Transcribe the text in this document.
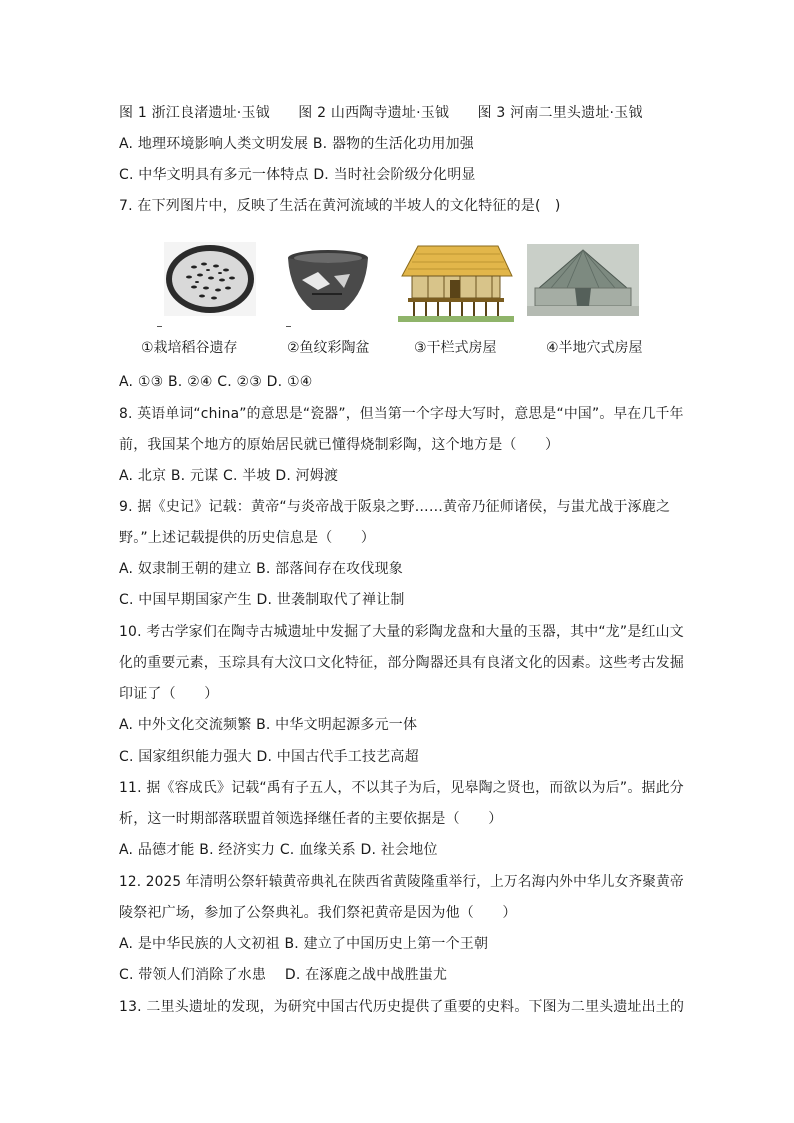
图 1 浙江良渚遗址·玉钺　　图 2 山西陶寺遗址·玉钺　　图 3 河南二里头遗址·玉钺
A. 地理环境影响人类文明发展 B. 器物的生活化功用加强
C. 中华文明具有多元一体特点 D. 当时社会阶级分化明显
7. 在下列图片中，反映了生活在黄河流域的半坡人的文化特征的是(　)
①栽培稻谷遗存	②鱼纹彩陶盆	③干栏式房屋	④半地穴式房屋
A. ①③ B. ②④ C. ②③ D. ①④
8. 英语单词“china”的意思是“瓷器”，但当第一个字母大写时，意思是“中国”。早在几千年
前，我国某个地方的原始居民就已懂得烧制彩陶，这个地方是（　　）
A. 北京 B. 元谋 C. 半坡 D. 河姆渡
9. 据《史记》记载：黄帝“与炎帝战于阪泉之野……黄帝乃征师诸侯，与蚩尤战于涿鹿之
野。”上述记载提供的历史信息是（　　）
A. 奴隶制王朝的建立 B. 部落间存在攻伐现象
C. 中国早期国家产生 D. 世袭制取代了禅让制
10. 考古学家们在陶寺古城遗址中发掘了大量的彩陶龙盘和大量的玉器，其中“龙”是红山文
化的重要元素，玉琮具有大汶口文化特征，部分陶器还具有良渚文化的因素。这些考古发掘
印证了（　　）
A. 中外文化交流频繁 B. 中华文明起源多元一体
C. 国家组织能力强大 D. 中国古代手工技艺高超
11. 据《容成氏》记载“禹有子五人，不以其子为后，见皋陶之贤也，而欲以为后”。据此分
析，这一时期部落联盟首领选择继任者的主要依据是（　　）
A. 品德才能 B. 经济实力 C. 血缘关系 D. 社会地位
12. 2025 年清明公祭轩辕黄帝典礼在陕西省黄陵隆重举行，上万名海内外中华儿女齐聚黄帝
陵祭祀广场，参加了公祭典礼。我们祭祀黄帝是因为他（　　）
A. 是中华民族的人文初祖 B. 建立了中国历史上第一个王朝
C. 带领人们消除了水患　 D. 在涿鹿之战中战胜蚩尤
13. 二里头遗址的发现，为研究中国古代历史提供了重要的史料。下图为二里头遗址出土的
